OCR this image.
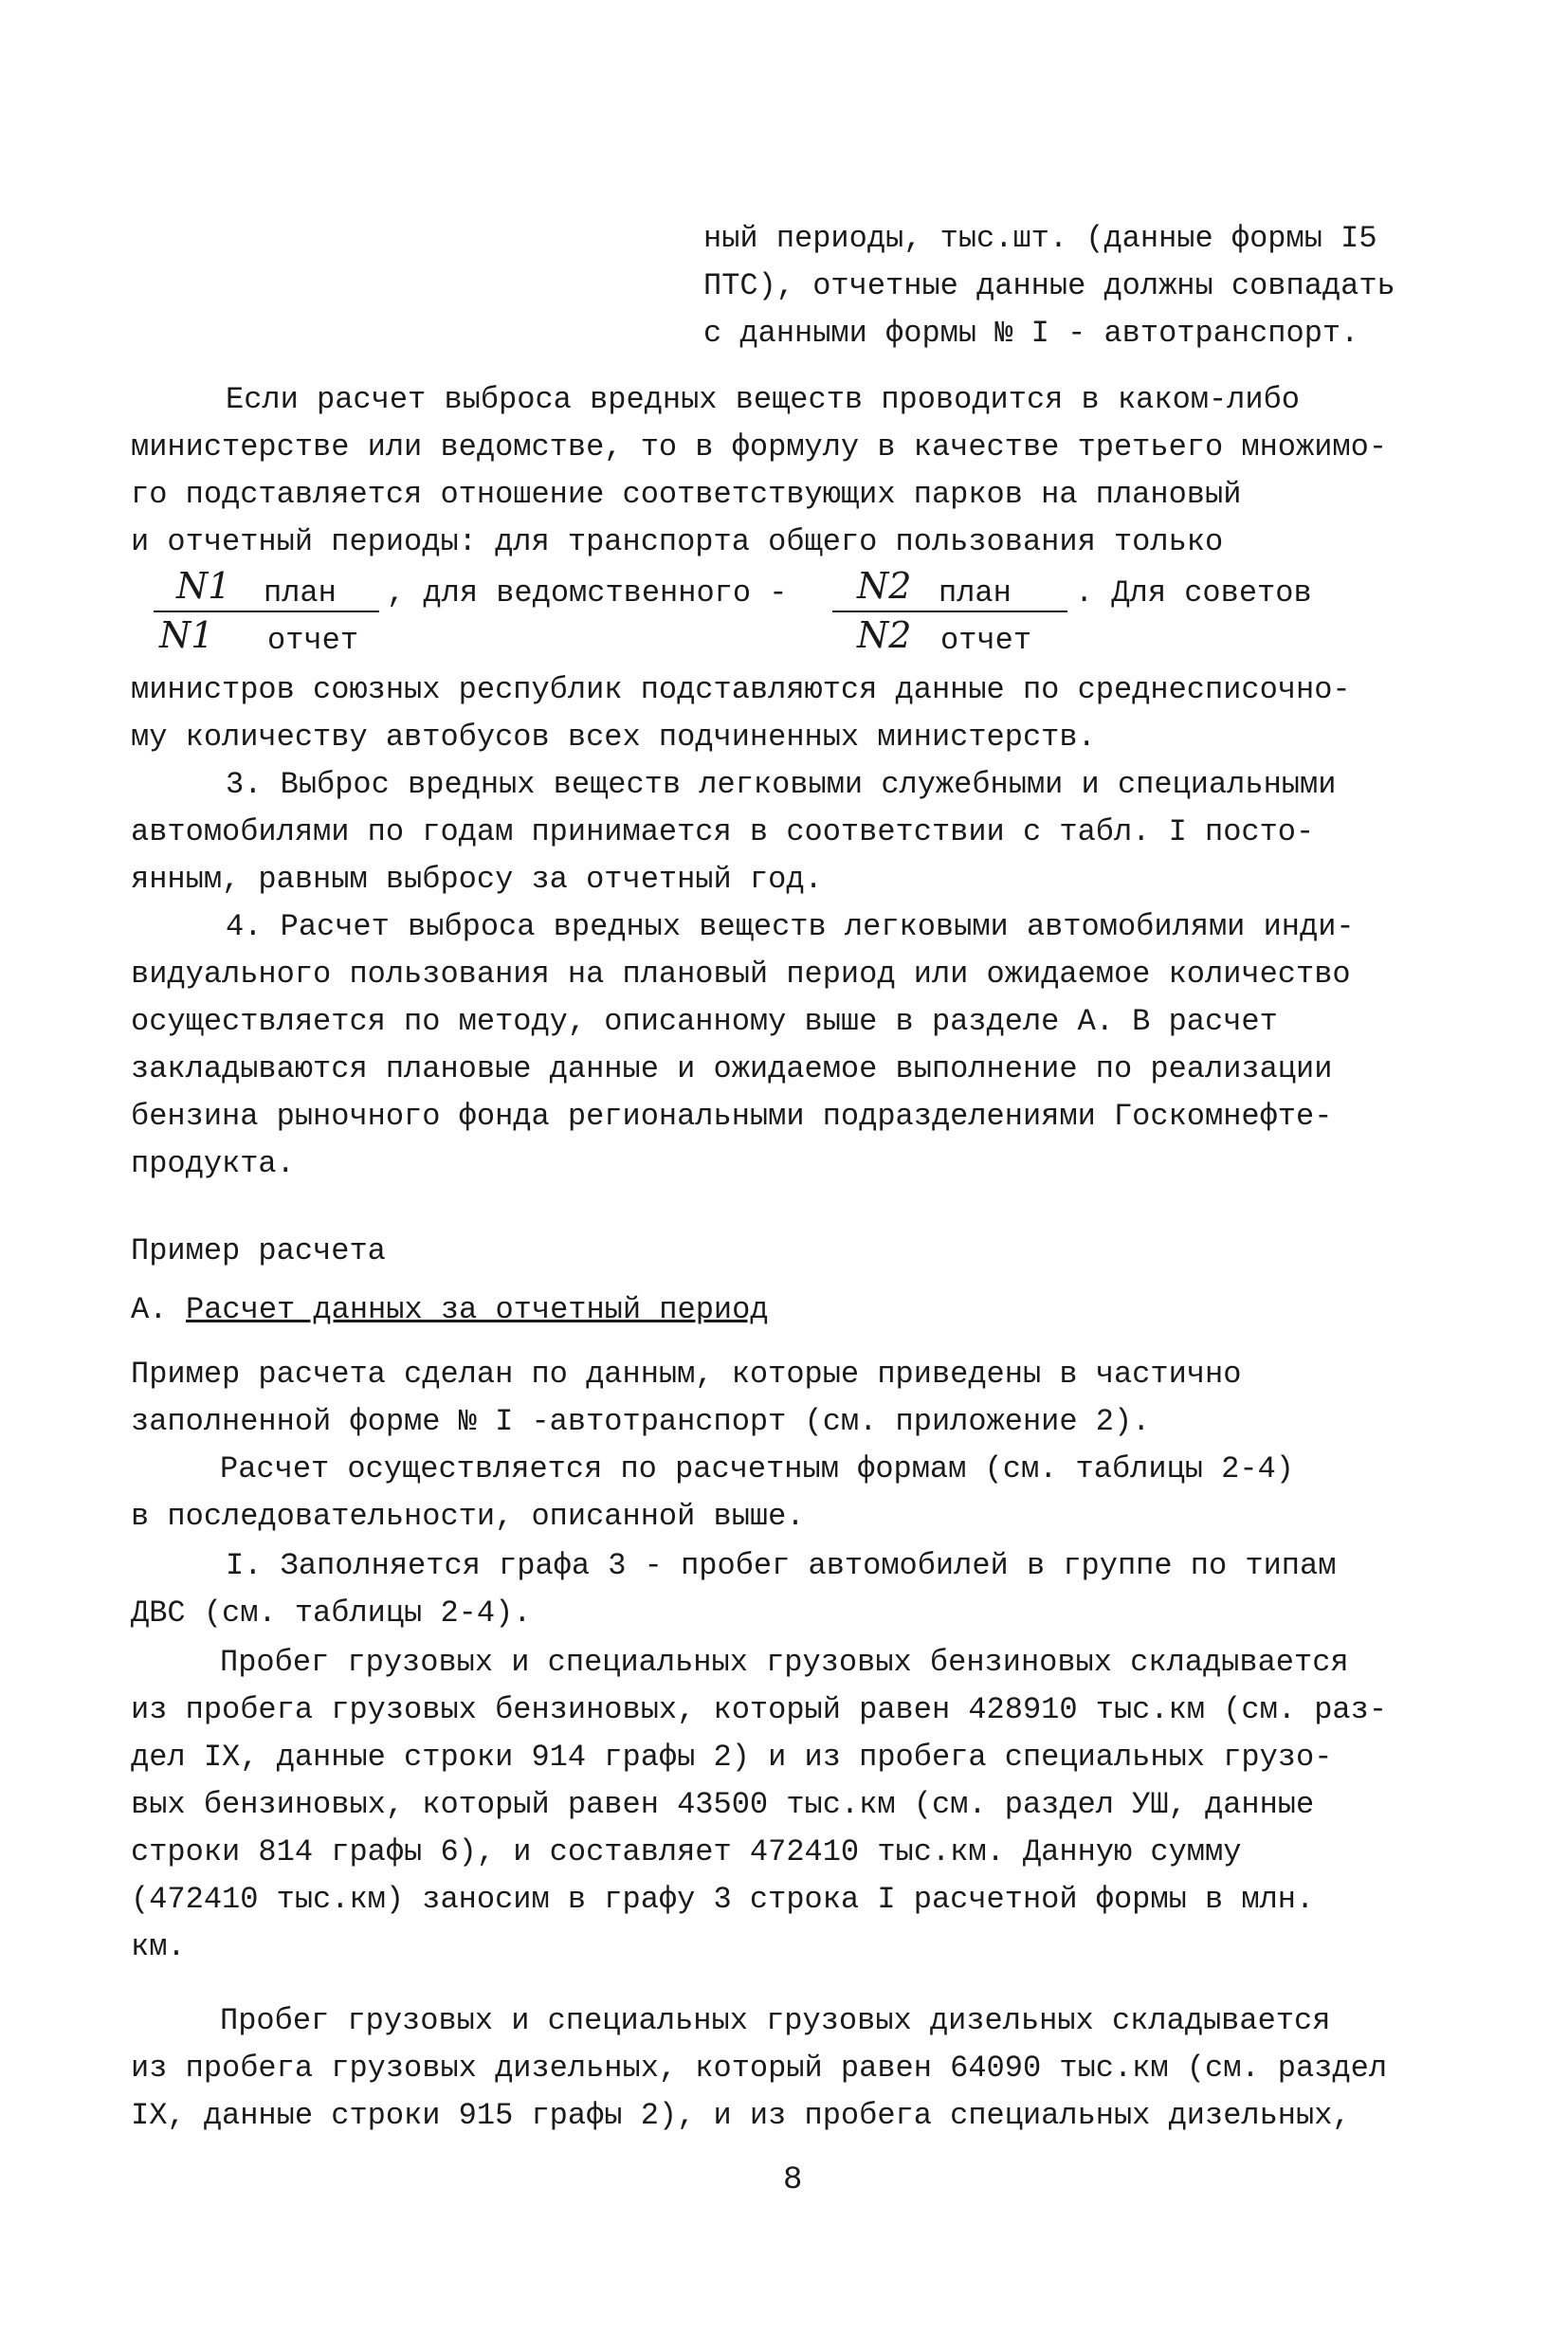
ный периоды, тыс.шт. (данные формы I5
ПТС), отчетные данные должны совпадать
с данными формы № I - автотранспорт.
Если расчет выброса вредных веществ проводится в каком-либо
министерстве или ведомстве, то в формулу в качестве третьего множимо-
го подставляется отношение соответствующих парков на плановый
и отчетный периоды: для транспорта общего пользования только
N1 план
N1 отчет
, для ведомственного - N2 план
N2 отчет
. Для советов
министров союзных республик подставляются данные по среднесписочно-
му количеству автобусов всех подчиненных министерств.
3. Выброс вредных веществ легковыми служебными и специальными
автомобилями по годам принимается в соответствии с табл. I посто-
янным, равным выбросу за отчетный год.
4. Расчет выброса вредных веществ легковыми автомобилями инди-
видуального пользования на плановый период или ожидаемое количество
осуществляется по методу, описанному выше в разделе А. В расчет
закладываются плановые данные и ожидаемое выполнение по реализации
бензина рыночного фонда региональными подразделениями Госкомнефте-
продукта.
Пример расчета
А. Расчет данных за отчетный период
Пример расчета сделан по данным, которые приведены в частично
заполненной форме № I -автотранспорт (см. приложение 2).
Расчет осуществляется по расчетным формам (см. таблицы 2-4)
в последовательности, описанной выше.
I. Заполняется графа 3 - пробег автомобилей в группе по типам
ДВС (см. таблицы 2-4).
Пробег грузовых и специальных грузовых бензиновых складывается
из пробега грузовых бензиновых, который равен 428910 тыс.км (см. раз-
дел IX, данные строки 914 графы 2) и из пробега специальных грузо-
вых бензиновых, который равен 43500 тыс.км (см. раздел УШ, данные
строки 814 графы 6), и составляет 472410 тыс.км. Данную сумму
(472410 тыс.км) заносим в графу 3 строка I расчетной формы в млн.
км.
Пробег грузовых и специальных грузовых дизельных складывается
из пробега грузовых дизельных, который равен 64090 тыс.км (см. раздел
IX, данные строки 915 графы 2), и из пробега специальных дизельных,
8
